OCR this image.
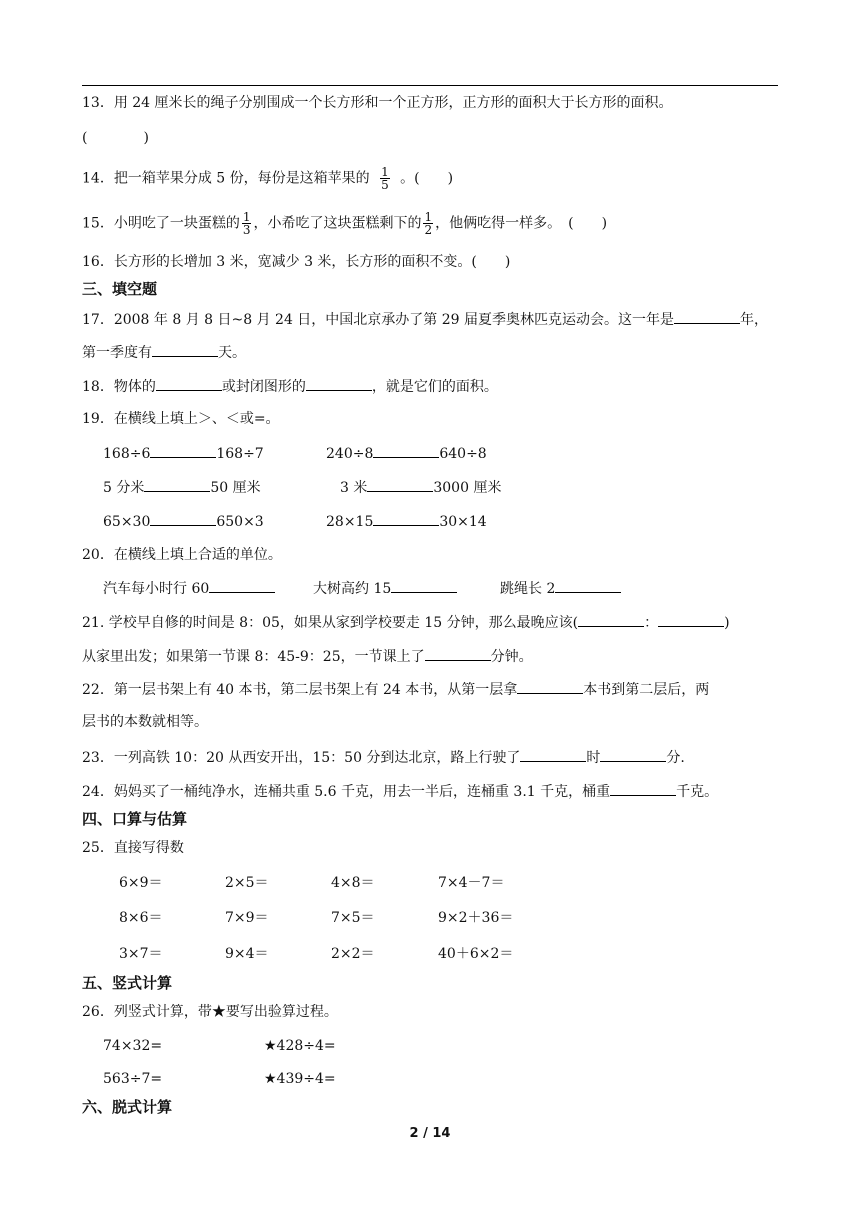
13．用 24 厘米长的绳子分别围成一个长方形和一个正方形，正方形的面积大于长方形的面积。
(　　　　)
14．把一箱苹果分成 5 份，每份是这箱苹果的 $\frac{1}{5}$ 。(　　)
15．小明吃了一块蛋糕的 $\frac{1}{3}$ ，小希吃了这块蛋糕剩下的 $\frac{1}{2}$ ，他俩吃得一样多。　(　　)
16．长方形的长增加 3 米，宽减少 3 米，长方形的面积不变。(　　)
三、填空题
17．2008 年 8 月 8 日~8 月 24 日，中国北京承办了第 29 届夏季奥林匹克运动会。这一年是	年，
第一季度有	天。
18．物体的	或封闭图形的	，就是它们的面积。
19．在横线上填上＞、＜或=。
168÷6	168÷7	240÷8	640÷8
5 分米	50 厘米	3 米	3000 厘米
65×30	650×3	28×15	30×14
20．在横线上填上合适的单位。
汽车每小时行 60	大树高约 15	跳绳长 2
21. 学校早自修的时间是 8：05，如果从家到学校要走 15 分钟，那么最晚应该(	：	)
从家里出发；如果第一节课 8：45-9：25，一节课上了	分钟。
22．第一层书架上有 40 本书，第二层书架上有 24 本书，从第一层拿	本书到第二层后，两
层书的本数就相等。
23．一列高铁 10：20 从西安开出，15：50 分到达北京，路上行驶了	时	分.
24．妈妈买了一桶纯净水，连桶共重 5.6 千克，用去一半后，连桶重 3.1 千克，桶重	千克。
四、口算与估算
25．直接写得数
6×9＝	2×5＝	4×8＝	7×4－7＝
8×6＝	7×9＝	7×5＝	9×2＋36＝
3×7＝	9×4＝	2×2＝	40＋6×2＝
五、竖式计算
26．列竖式计算，带★要写出验算过程。
74×32=	★428÷4=
563÷7=	★439÷4=
六、脱式计算
2 / 14
